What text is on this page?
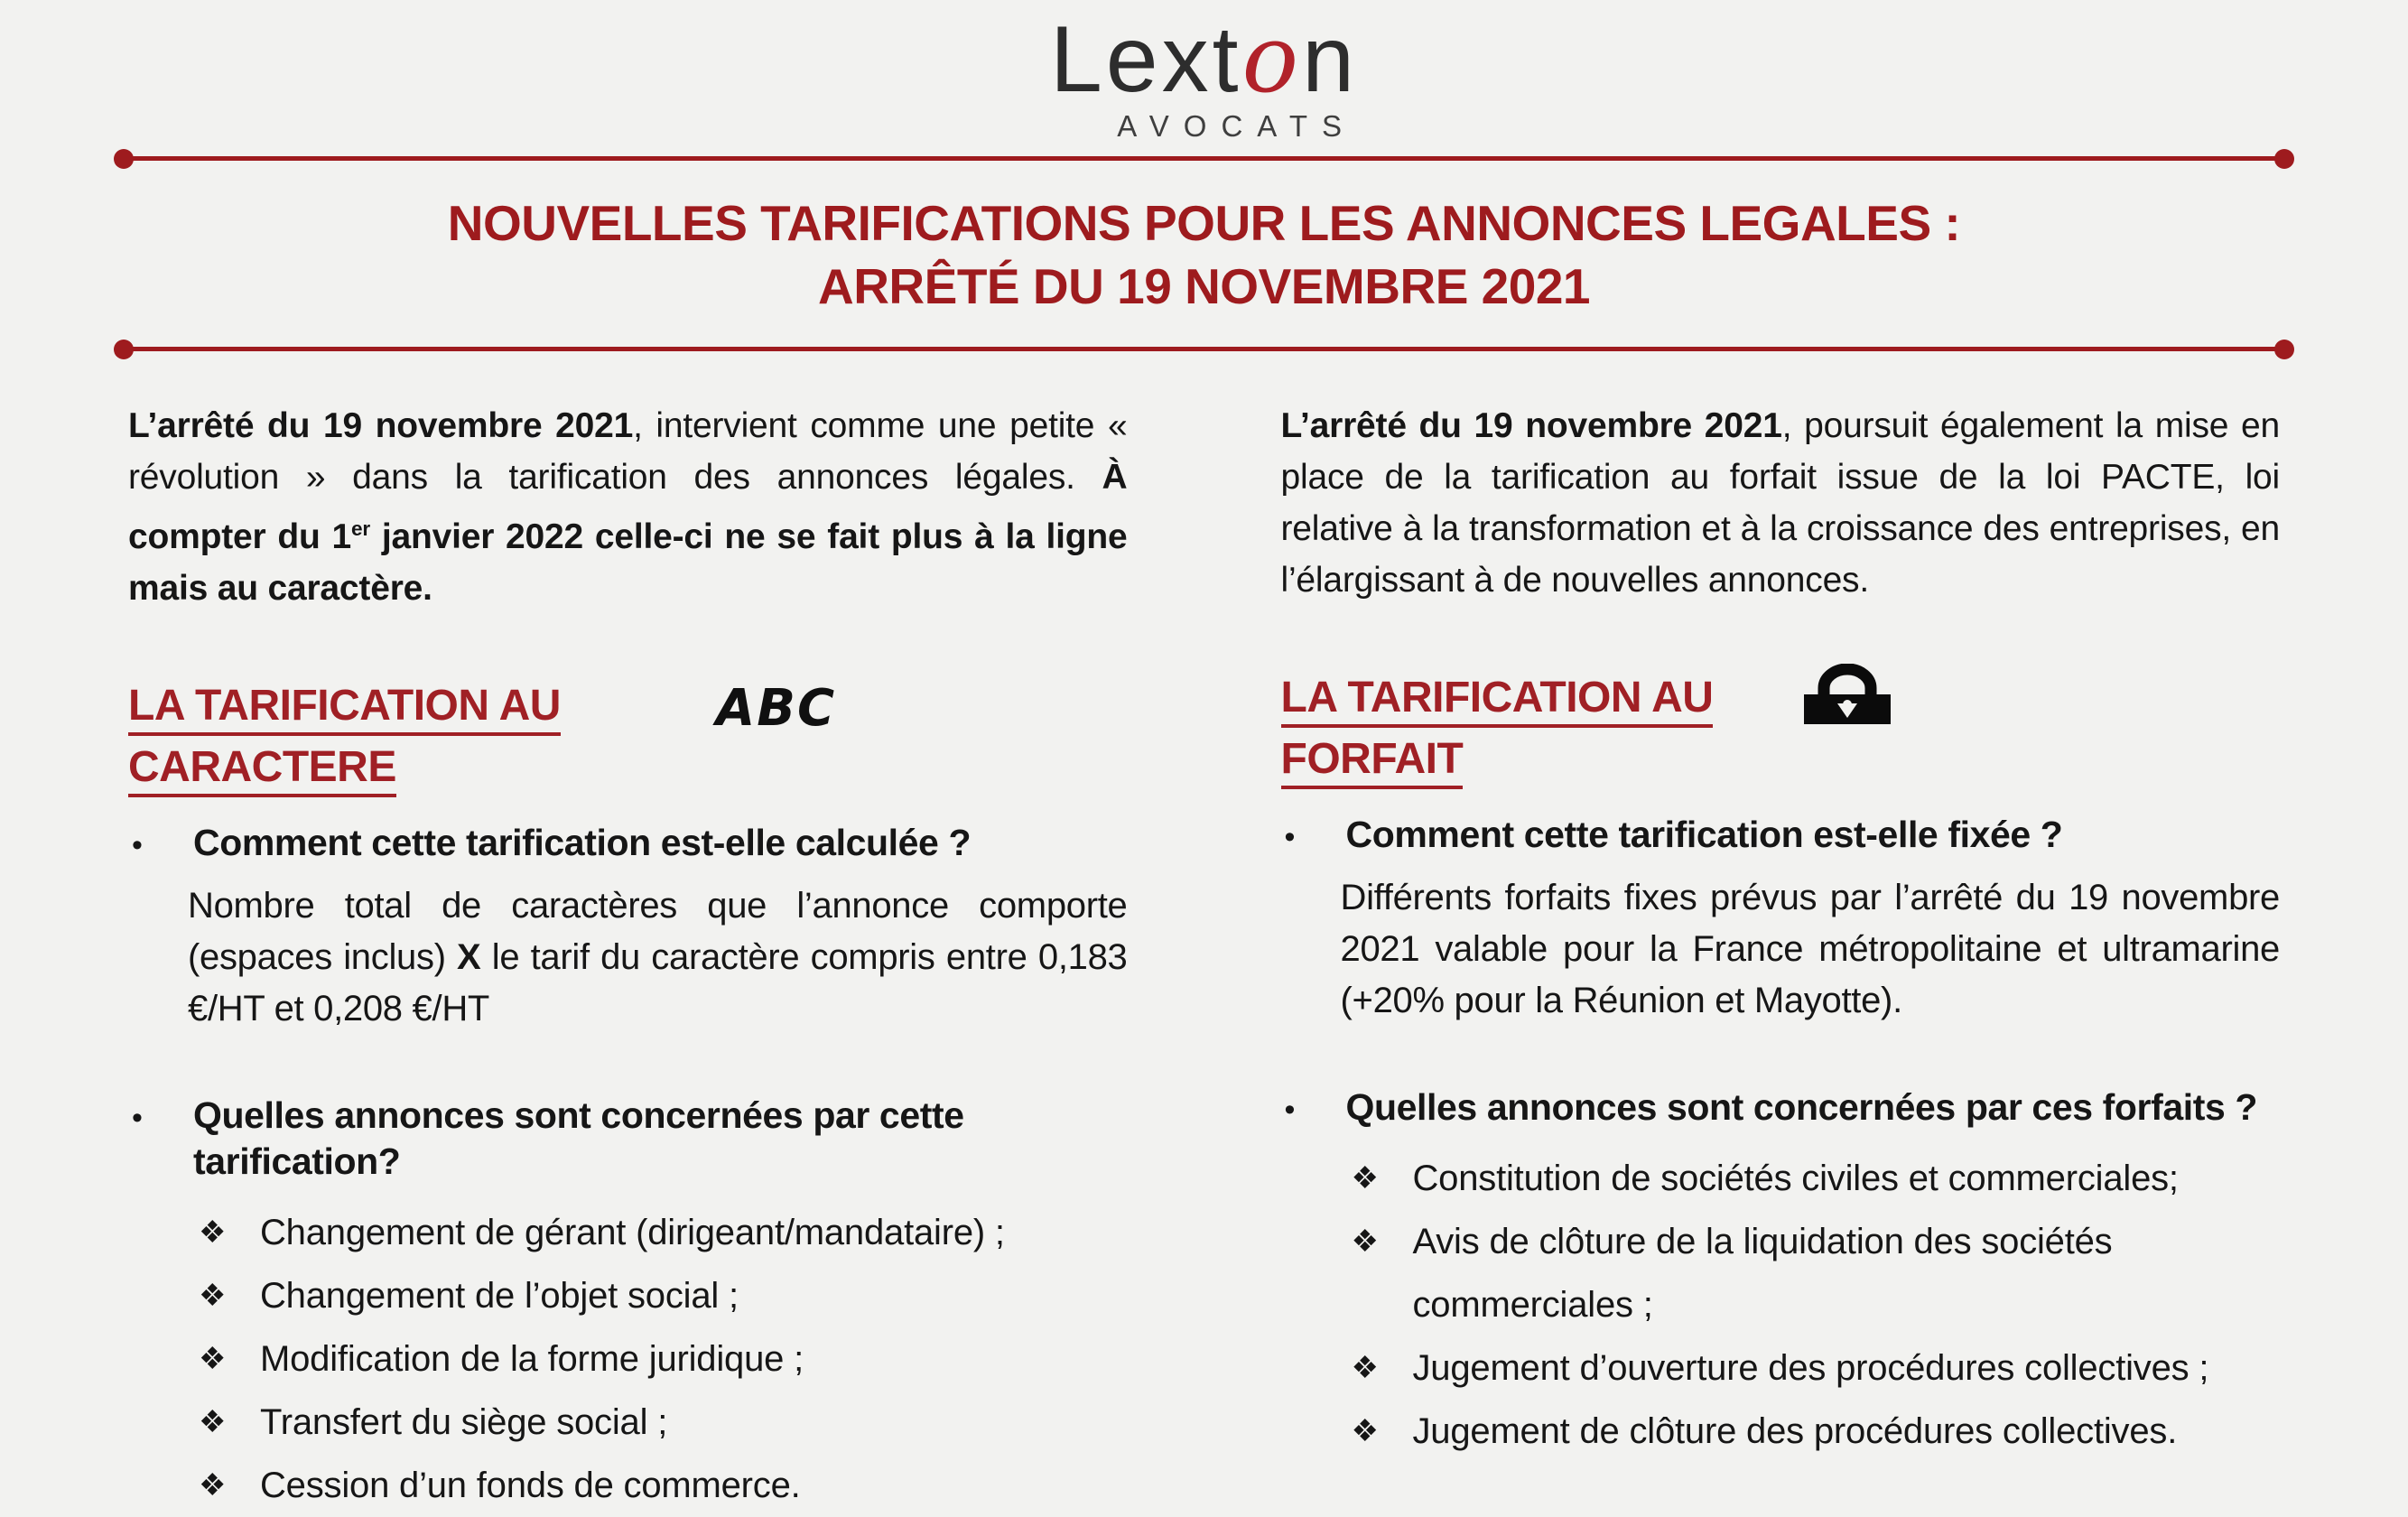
Lexton
AVOCATS
NOUVELLES TARIFICATIONS POUR LES ANNONCES LEGALES :
ARRÊTÉ DU 19 NOVEMBRE 2021

L’arrêté du 19 novembre 2021, intervient comme une petite « révolution » dans la tarification des annonces légales. À compter du 1er janvier 2022 celle-ci ne se fait plus à la ligne mais au caractère.

LA TARIFICATION AU
CARACTERE
ABC
•	Comment cette tarification est-elle calculée ?

Nombre total de caractères que l’annonce comporte (espaces inclus) X le tarif du caractère compris entre 0,183 €/HT et 0,208 €/HT

•	Quelles annonces sont concernées par cette tarification?
❖ Changement de gérant (dirigeant/mandataire) ;
❖ Changement de l’objet social ;
❖ Modification de la forme juridique ;
❖ Transfert du siège social ;
❖ Cession d’un fonds de commerce.

L’arrêté du 19 novembre 2021, poursuit également la mise en place de la tarification au forfait issue de la loi PACTE, loi relative à la transformation et à la croissance des entreprises, en l’élargissant à de nouvelles annonces.

LA TARIFICATION AU
FORFAIT
•	Comment cette tarification est-elle fixée ?

Différents forfaits fixes prévus par l’arrêté du 19 novembre 2021 valable pour la France métropolitaine et ultramarine (+20% pour la Réunion et Mayotte).

•	Quelles annonces sont concernées par ces forfaits ?
❖ Constitution de sociétés civiles et commerciales;
❖ Avis de clôture de la liquidation des sociétés commerciales ;
❖ Jugement d’ouverture des procédures collectives ;
❖ Jugement de clôture des procédures collectives.
